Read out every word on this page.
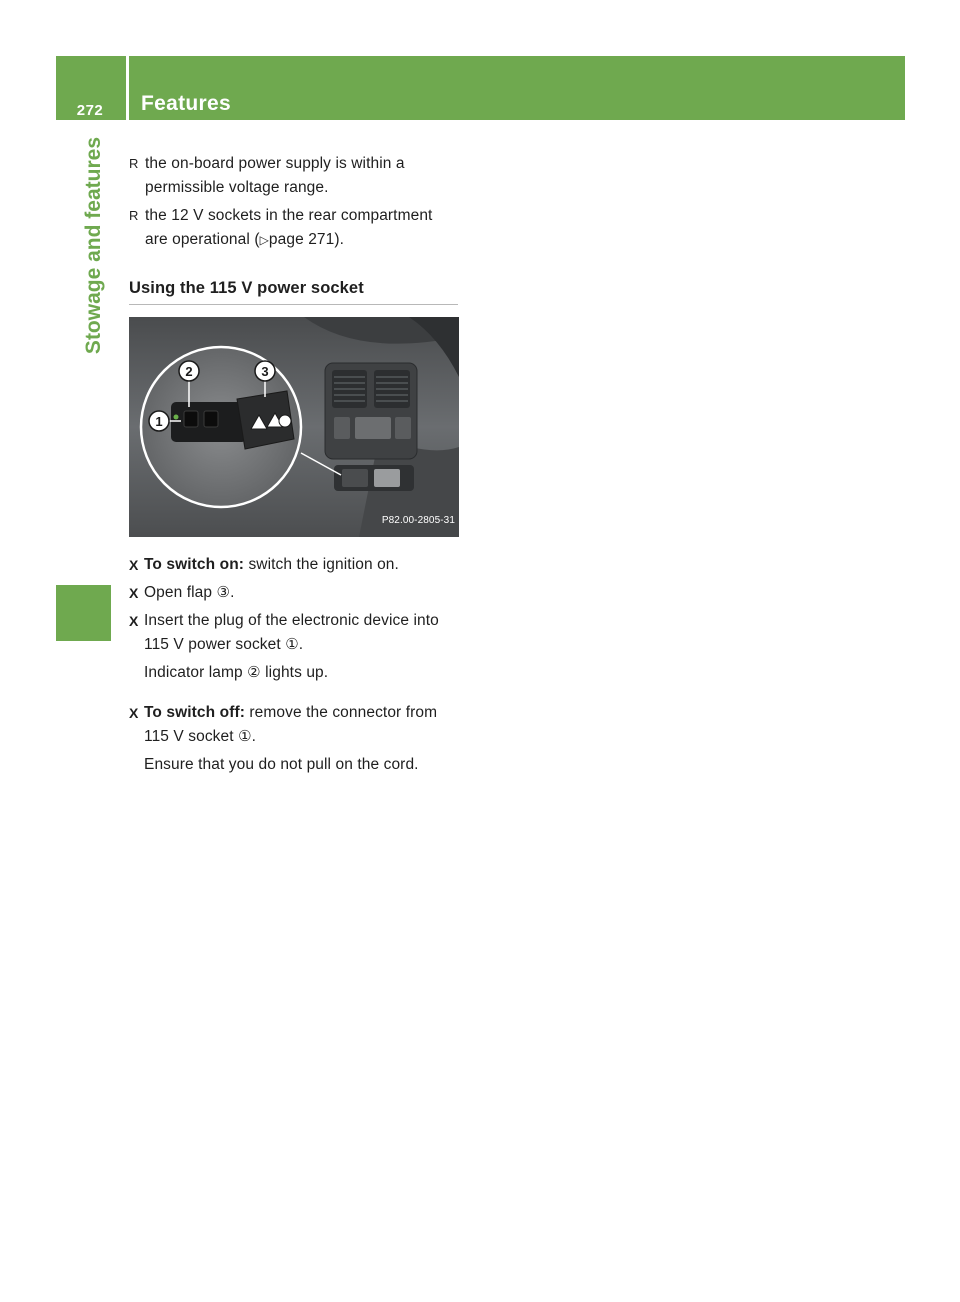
272	Features
Stowage and features	R the on-board power supply is within a permissible voltage range.

R the 12 V sockets in the rear compartment are operational (▷page 271).

Using the 115 V power socket
1
2	3
P82.00-2805-31

X To switch on: switch the ignition on.

X Open flap ③.

X Insert the plug of the electronic device into 115 V power socket ①.

Indicator lamp ② lights up.

X To switch off: remove the connector from 115 V socket ①.

Ensure that you do not pull on the cord.
